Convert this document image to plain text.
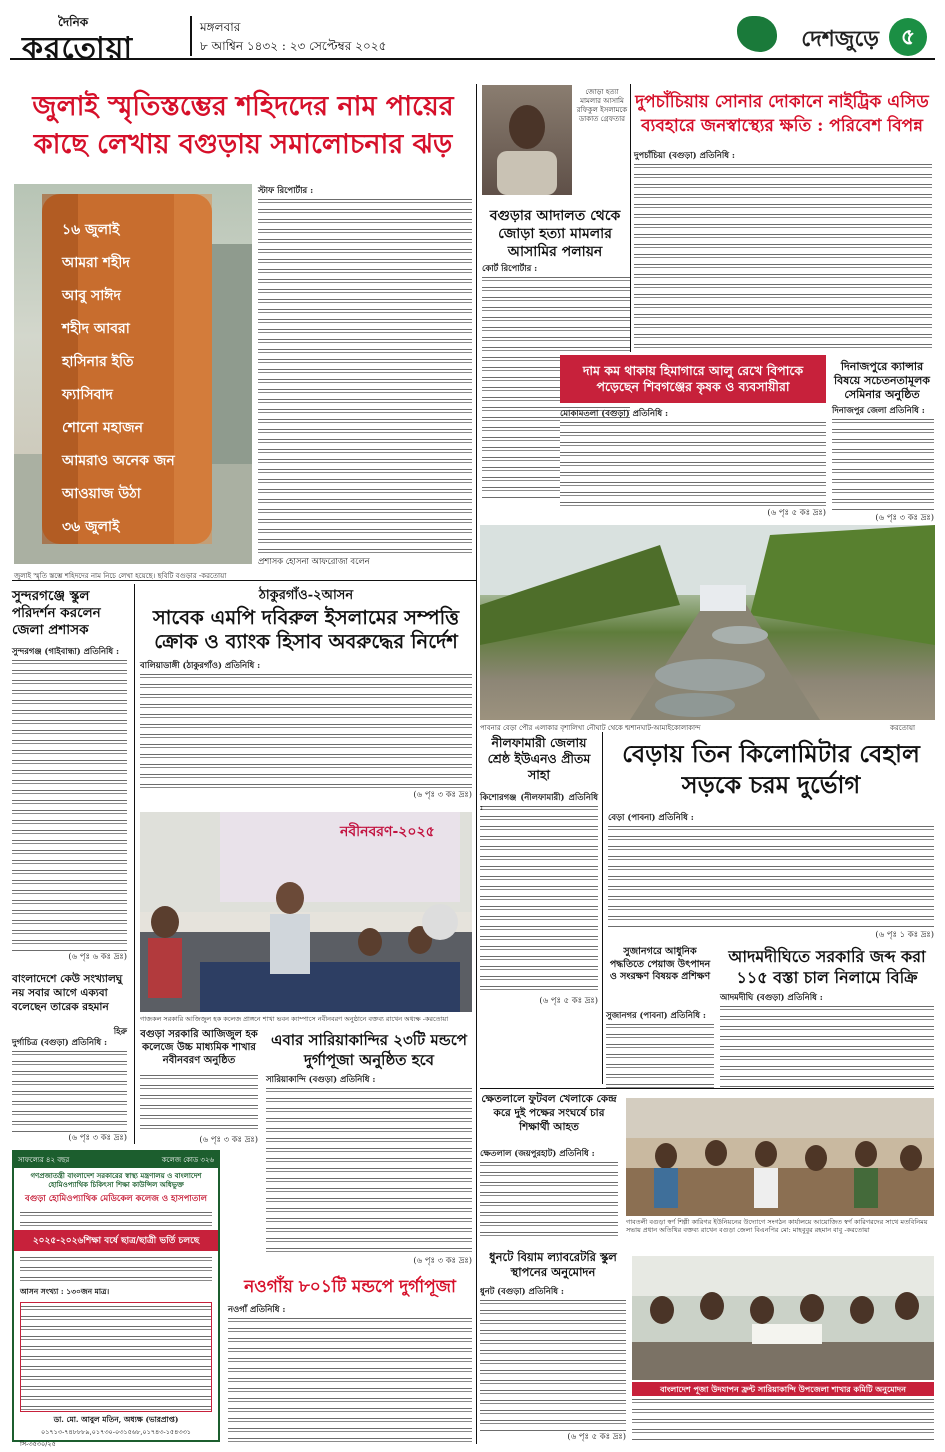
দৈনিক
করতোয়া
মঙ্গলবার
৮ আশ্বিন ১৪৩২ : ২৩ সেপ্টেম্বর ২০২৫	দেশজুড়ে ৫
জুলাই স্মৃতিস্তম্ভের শহিদদের নাম পায়ের কাছে লেখায় বগুড়ায় সমালোচনার ঝড়
১৬ জুলাই
আমরা শহীদ
আবু সাঈদ
শহীদ আবরা
হাসিনার ইতি
ফ্যাসিবাদ
শোনো মহাজন
আমরাও অনেক জন
আওয়াজ উঠা
৩৬ জুলাই
জুলাই স্মৃতি স্তম্ভে শহিদদের নাম নিচে লেখা হয়েছে। ছবিটি বগুড়ার -করতোয়া
স্টাফ রিপোর্টার :
প্রশাসক হোসনা আফরোজা বলেন
জোড়া হত্যা মামলার আসামি রফিকুল ইসলামকে ডাকাত গ্রেফতার
বগুড়ার আদালত থেকে জোড়া হত্যা মামলার আসামির পলায়ন
কোর্ট রিপোর্টার :
দুপচাঁচিয়ায় সোনার দোকানে নাইট্রিক এসিড ব্যবহারে জনস্বাস্থ্যের ক্ষতি : পরিবেশ বিপন্ন
দুপচাঁচিয়া (বগুড়া) প্রতিনিধি :
দাম কম থাকায় হিমাগারে আলু রেখে বিপাকে পড়েছেন শিবগঞ্জের কৃষক ও ব্যবসায়ীরা
মোকামতলা (বগুড়া) প্রতিনিধি :
(৬ পৃঃ ৫ কঃ দ্রঃ)
দিনাজপুরে ক্যান্সার বিষয়ে সচেতনতামূলক সেমিনার অনুষ্ঠিত
দিনাজপুর জেলা প্রতিনিধি :
(৬ পৃঃ ৩ কঃ দ্রঃ)
পাবনার বেড়া পৌর এলাকার বৃশালিখা নৌঘাট থেকে শ্মশানঘাট-আমাইকোলাকান্দ	করতোয়া
সুন্দরগঞ্জে স্কুল পরিদর্শন করলেন জেলা প্রশাসক
সুন্দরগঞ্জ (গাইবান্ধা) প্রতিনিধি :
(৬ পৃঃ ৬ কঃ দ্রঃ)
ঠাকুরগাঁও-২আসন
সাবেক এমপি দবিরুল ইসলামের সম্পত্তি ক্রোক ও ব্যাংক হিসাব অবরুদ্ধের নির্দেশ
বালিয়াডাঙ্গী (ঠাকুরগাঁও) প্রতিনিধি :
(৬ পৃঃ ৩ কঃ দ্রঃ)
নবীনবরণ-২০২৫
গাজকল সরকারি আজিজুল হক কলেজ প্রাঙ্গনে শাখা ভবন ক্যাম্পাসে নবীনবরণ অনুষ্ঠানে বক্তব্য রাখেন অধ্যক্ষ -করতোয়া
বাংলাদেশে কেউ সংখ্যালঘু নয় সবার আগে এক্যবা বলেছেন তারেক রহমান
হিরু
দুর্গাচিত্র (বগুড়া) প্রতিনিধি :
(৬ পৃঃ ৩ কঃ দ্রঃ)
বগুড়া সরকারি আজিজুল হক কলেজে উচ্চ মাধ্যমিক শাখার নবীনবরণ অনুষ্ঠিত
(৬ পৃঃ ৩ কঃ দ্রঃ)
এবার সারিয়াকান্দির ২৩টি মন্ডপে দুর্গাপূজা অনুষ্ঠিত হবে
সারিয়াকান্দি (বগুড়া) প্রতিনিধি :
(৬ পৃঃ ৩ কঃ দ্রঃ)
নওগাঁয় ৮০১টি মন্ডপে দুর্গাপূজা
নওগাঁ প্রতিনিধি :
সাফল্যের ৪২ বছর	কলেজ কোড ৩২৬
গণপ্রজাতন্ত্রী বাংলাদেশ সরকারের স্বাস্থ্য মন্ত্রণালয় ও বাংলাদেশ হোমিওপ্যাথিক চিকিৎসা শিক্ষা কাউন্সিল অধিভুক্ত
বগুড়া হোমিওপ্যাথিক মেডিকেল কলেজ ও হাসপাতাল
২০২৫-২০২৬শিক্ষা বর্ষে ছাত্র/ছাত্রী ভর্তি চলছে
আসন সংখ্যা : ১৩০জন মাত্র।
ডা. মো. আবুল মতিন, অধ্যক্ষ (ভারপ্রাপ্ত)
০১৭১৩-৭৪৮৮৮৯,০১৭৩০-০৩১৫৬৮,০১৭৪৩-১৫৪৩৩১
সি-৩৫৩০/২৫
নীলফামারী জেলায় শ্রেষ্ঠ ইউএনও প্রীতম সাহা
কিশোরগঞ্জ (নীলফামারী) প্রতিনিধি :
(৬ পৃঃ ৫ কঃ দ্রঃ)
বেড়ায় তিন কিলোমিটার বেহাল সড়কে চরম দুর্ভোগ
বেড়া (পাবনা) প্রতিনিধি :
(৬ পৃঃ ১ কঃ দ্রঃ)
সুজানগরে আধুনিক পদ্ধতিতে পেয়াজ উৎপাদন ও সংরক্ষণ বিষয়ক প্রশিক্ষণ
সুজানগর (পাবনা) প্রতিনিধি :
আদমদীঘিতে সরকারি জব্দ করা ১১৫ বস্তা চাল নিলামে বিক্রি
আদমদীঘি (বগুড়া) প্রতিনিধি :
ক্ষেতলালে ফুটবল খেলাকে কেন্দ্র করে দুই পক্ষের সংঘর্ষে চার শিক্ষার্থী আহত
ক্ষেতলাল (জয়পুরহাট) প্রতিনিধি :
গাবতলী বগুড়া স্বর্ণ শিল্পী কারিগর ইউনিয়নের উদ্যোগে সংগঠন কার্যালয়ে আয়োজিত স্বর্ণ কারিগরদের সাথে মতবিনিময় সভায় প্রধান অতিথির বক্তব্য রাখেন বগুড়া জেলা বিএনপির মো: মাহবুবুর রহমান বাবু -করতোয়া
ধুনটে বিয়াম ল্যাবরেটরি স্কুল স্থাপনের অনুমোদন
ধুনট (বগুড়া) প্রতিনিধি :
(৬ পৃঃ ৫ কঃ দ্রঃ)
বাংলাদেশ পূজা উদযাপন ফ্রন্ট সারিয়াকান্দি উপজেলা শাখার কমিটি অনুমোদন
